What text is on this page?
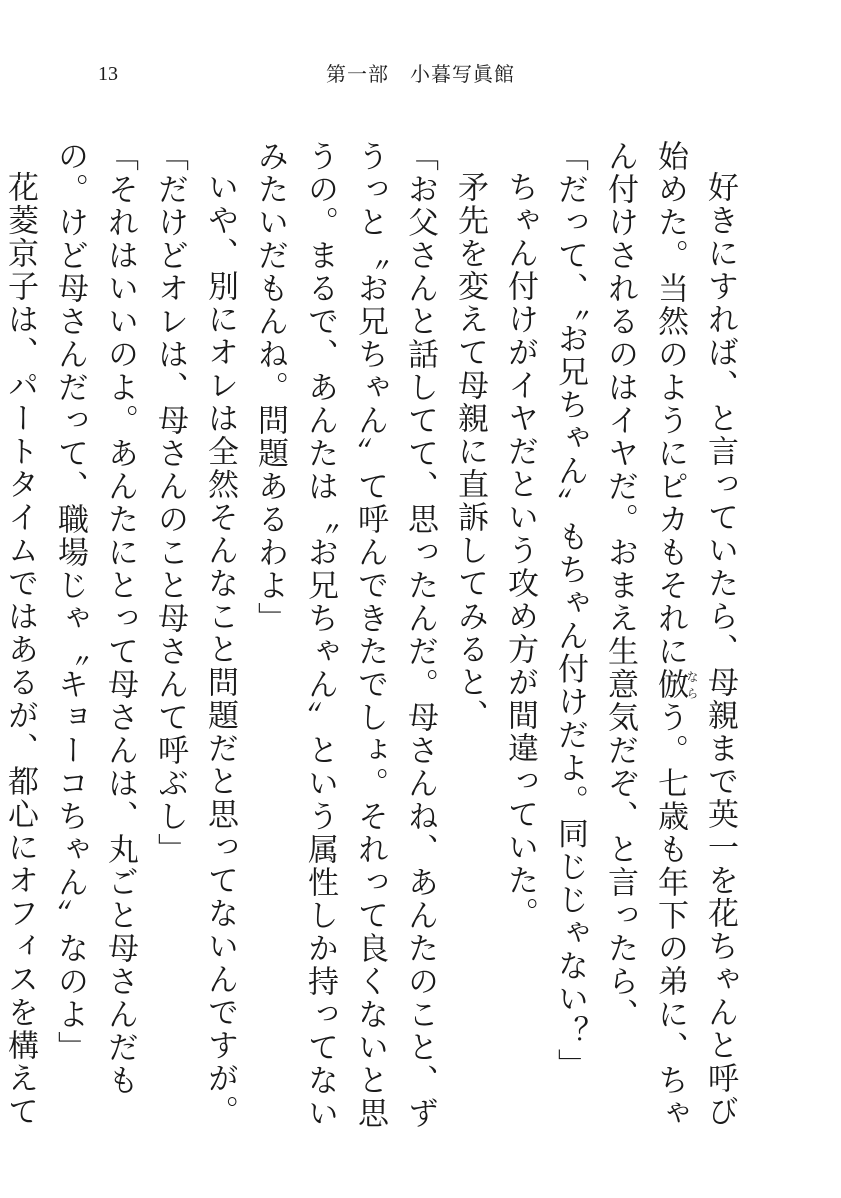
13	第一部　小暮写眞館

好きにすれば、と言っていたら、母親まで英一を花ちゃんと呼び始めた。当然のようにピカもそれに倣ならう。七歳も年下の弟に、ちゃん付けされるのはイヤだ。おまえ生意気だぞ、と言ったら、

「だって、〝お兄ちゃん〟もちゃん付けだよ。同じじゃない？」

ちゃん付けがイヤだという攻め方が間違っていた。

矛先を変えて母親に直訴してみると、

「お父さんと話してて、思ったんだ。母さんね、あんたのこと、ずうっと〝お兄ちゃん〟て呼んできたでしょ。それって良くないと思うの。まるで、あんたは〝お兄ちゃん〟という属性しか持ってないみたいだもんね。問題あるわよ」

いや、別にオレは全然そんなこと問題だと思ってないんですが。

「だけどオレは、母さんのこと母さんて呼ぶし」

「それはいいのよ。あんたにとって母さんは、丸ごと母さんだもの。けど母さんだって、職場じゃ〝キョーコちゃん〟なのよ」

花菱京子は、パートタイムではあるが、都心にオフィスを構えて
